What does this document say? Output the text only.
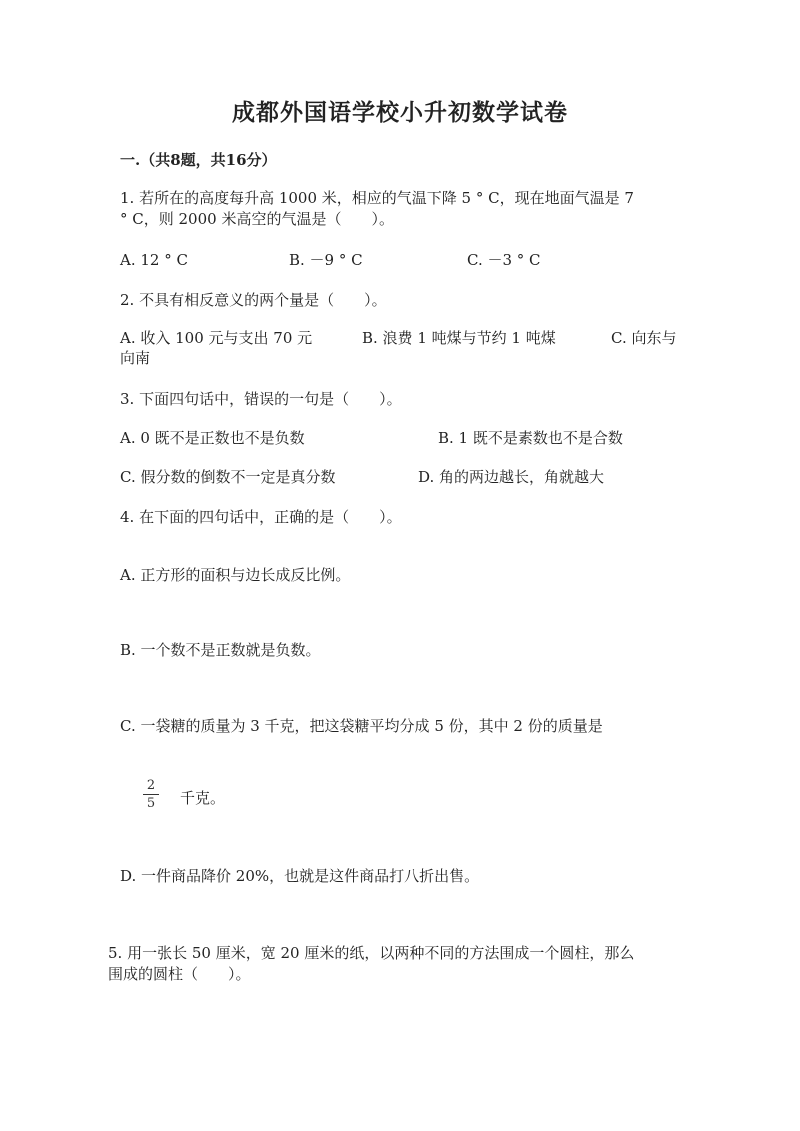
成都外国语学校小升初数学试卷
一.（共8题，共16分）
1. 若所在的高度每升高 1000 米，相应的气温下降 5 ° C，现在地面气温是 7
° C，则 2000 米高空的气温是（　　）。
A. 12 ° C	B. －9 ° C	C. －3 ° C
2. 不具有相反意义的两个量是（　　）。
A. 收入 100 元与支出 70 元	B. 浪费 1 吨煤与节约 1 吨煤	C. 向东与
向南
3. 下面四句话中，错误的一句是（　　）。
A. 0 既不是正数也不是负数	B. 1 既不是素数也不是合数
C. 假分数的倒数不一定是真分数	D. 角的两边越长，角就越大
4. 在下面的四句话中，正确的是（　　）。
A. 正方形的面积与边长成反比例。
B. 一个数不是正数就是负数。
C. 一袋糖的质量为 3 千克，把这袋糖平均分成 5 份，其中 2 份的质量是
2
5 千克。
D. 一件商品降价 20%，也就是这件商品打八折出售。
5. 用一张长 50 厘米，宽 20 厘米的纸，以两种不同的方法围成一个圆柱，那么
围成的圆柱（　　）。
